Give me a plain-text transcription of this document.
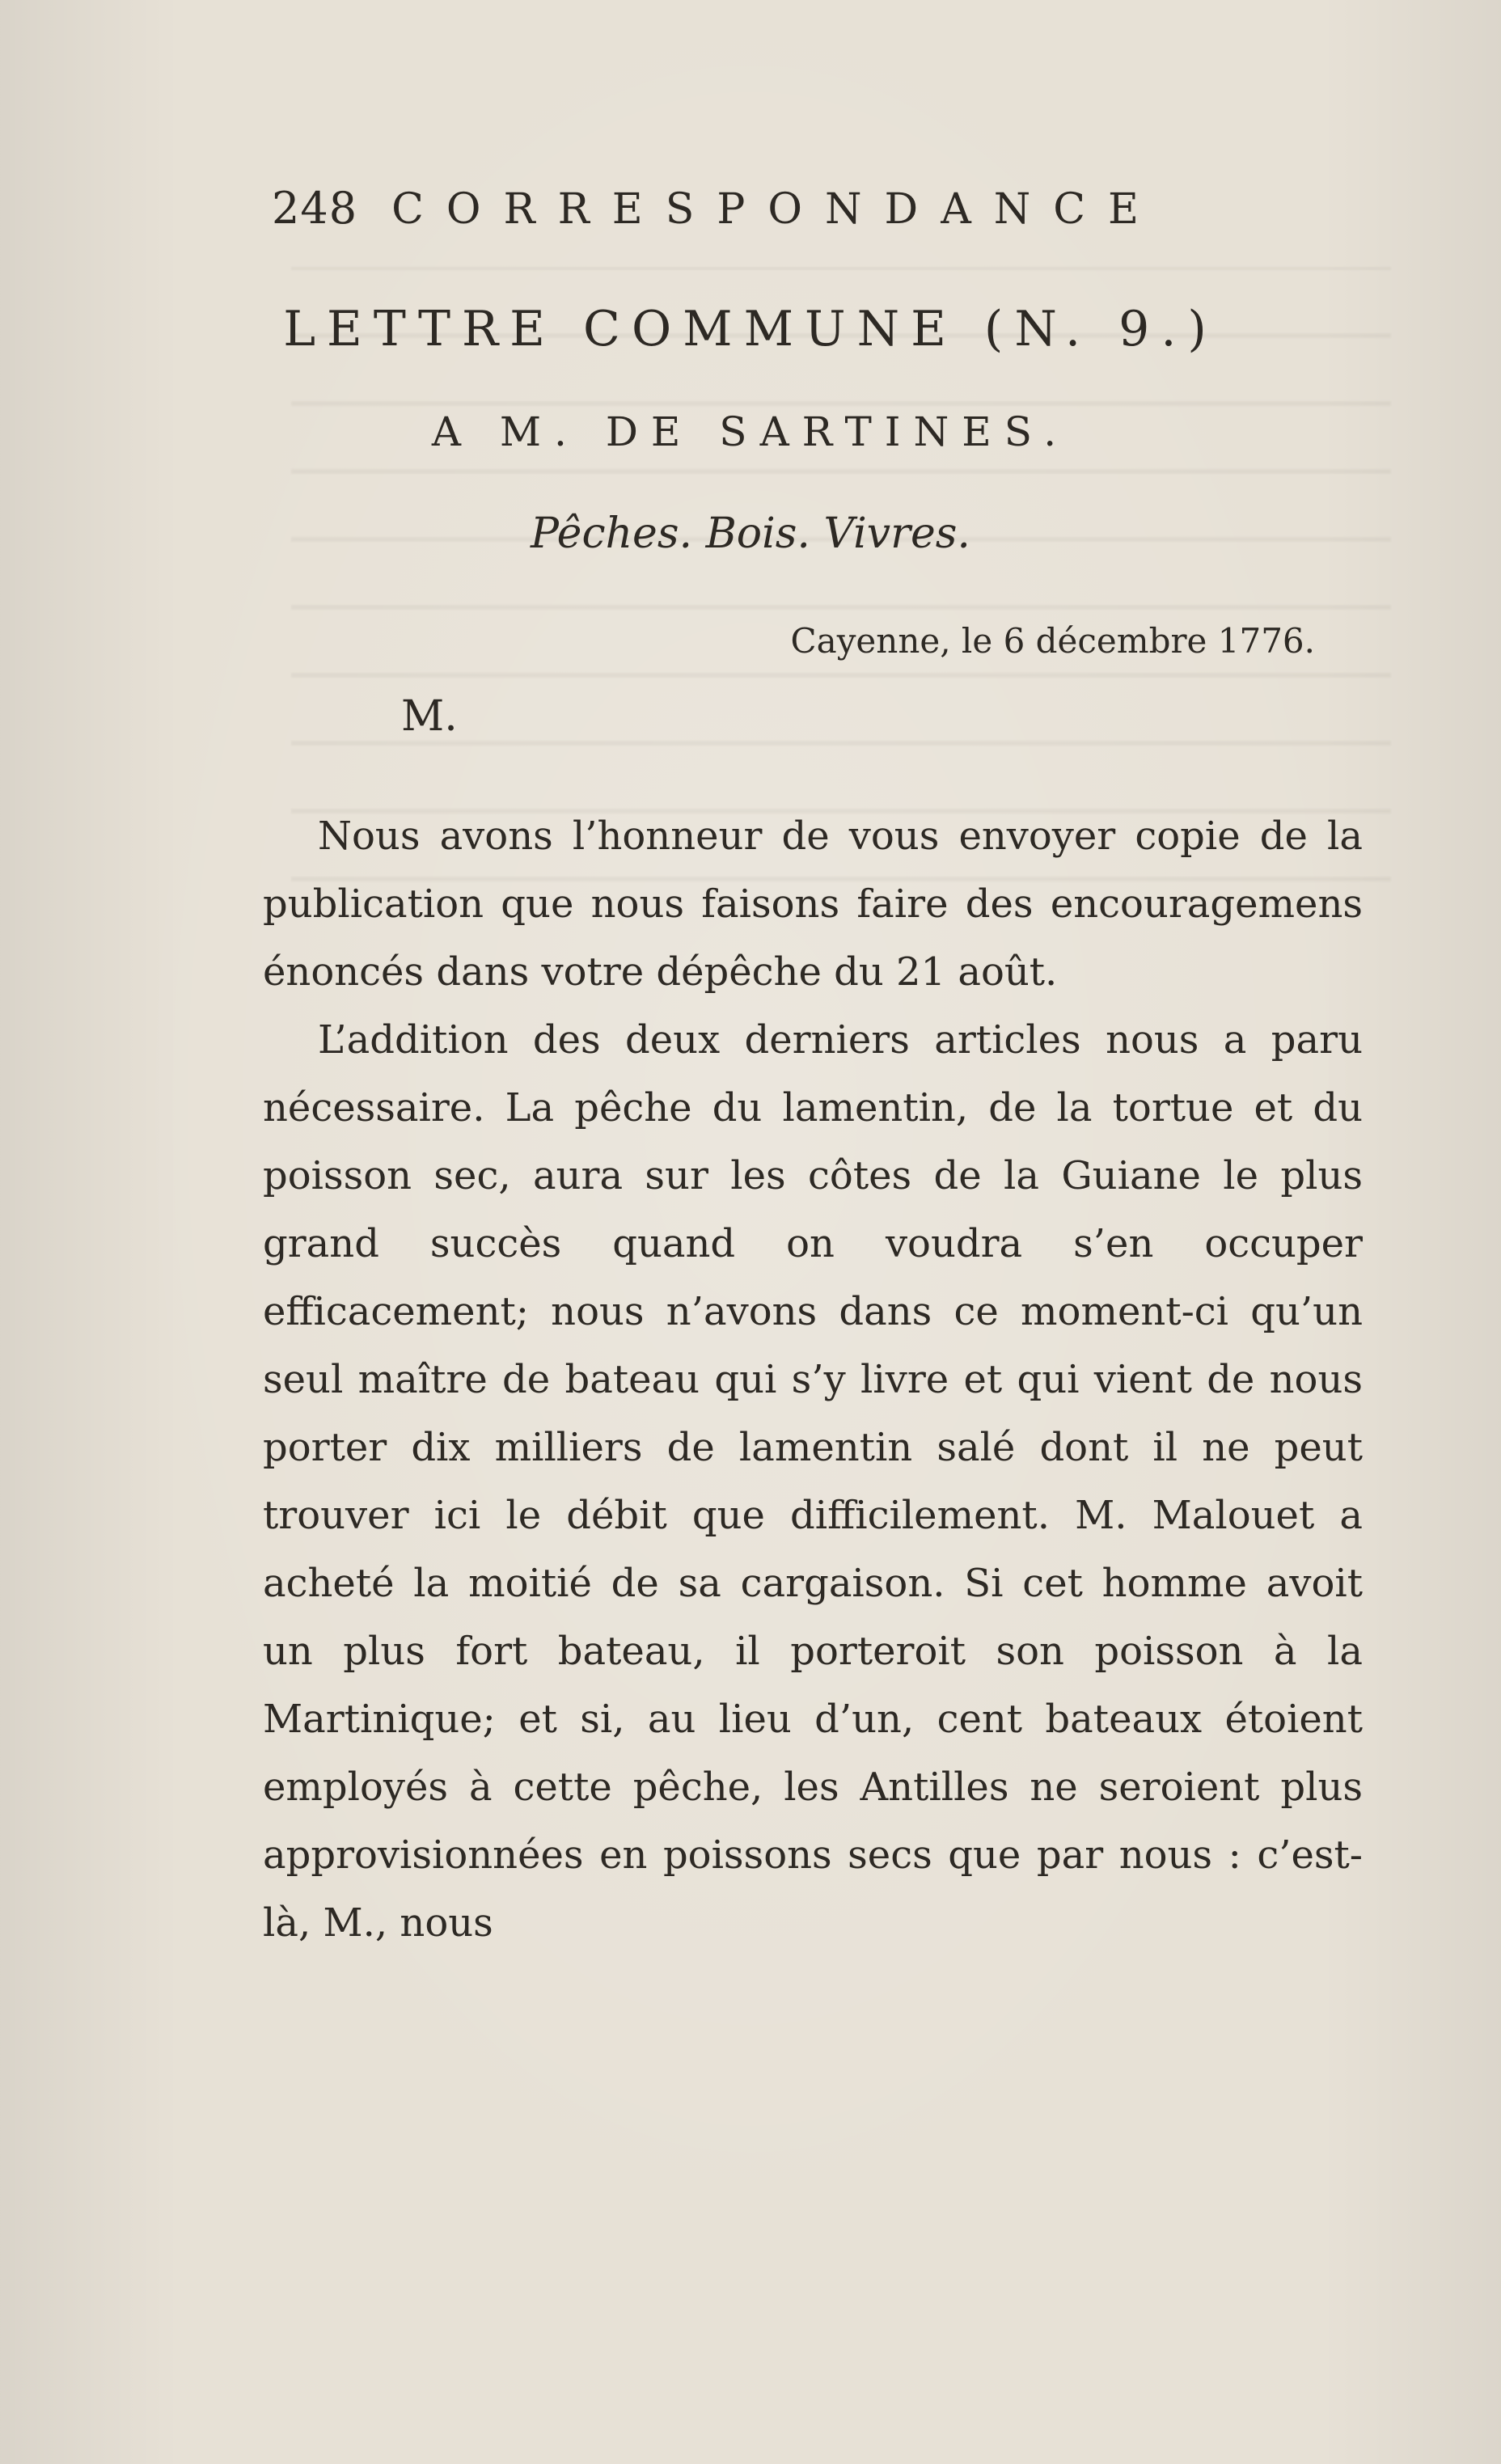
248 CORRESPONDANCE
LETTRE COMMUNE (N. 9.)
A M. DE SARTINES.
Pêches. Bois. Vivres.
Cayenne, le 6 décembre 1776.
M.

Nous avons l’honneur de vous envoyer copie de la publication que nous faisons faire des encouragemens énoncés dans votre dépêche du 21 août.

L’addition des deux derniers articles nous a paru nécessaire. La pêche du lamentin, de la tortue et du poisson sec, aura sur les côtes de la Guiane le plus grand succès quand on voudra s’en occuper efficacement; nous n’avons dans ce moment-ci qu’un seul maître de bateau qui s’y livre et qui vient de nous porter dix milliers de lamentin salé dont il ne peut trouver ici le débit que difficilement. M. Malouet a acheté la moitié de sa cargaison. Si cet homme avoit un plus fort bateau, il porteroit son poisson à la Martinique; et si, au lieu d’un, cent bateaux étoient employés à cette pêche, les Antilles ne seroient plus approvisionnées en poissons secs que par nous : c’est-là, M., nous
